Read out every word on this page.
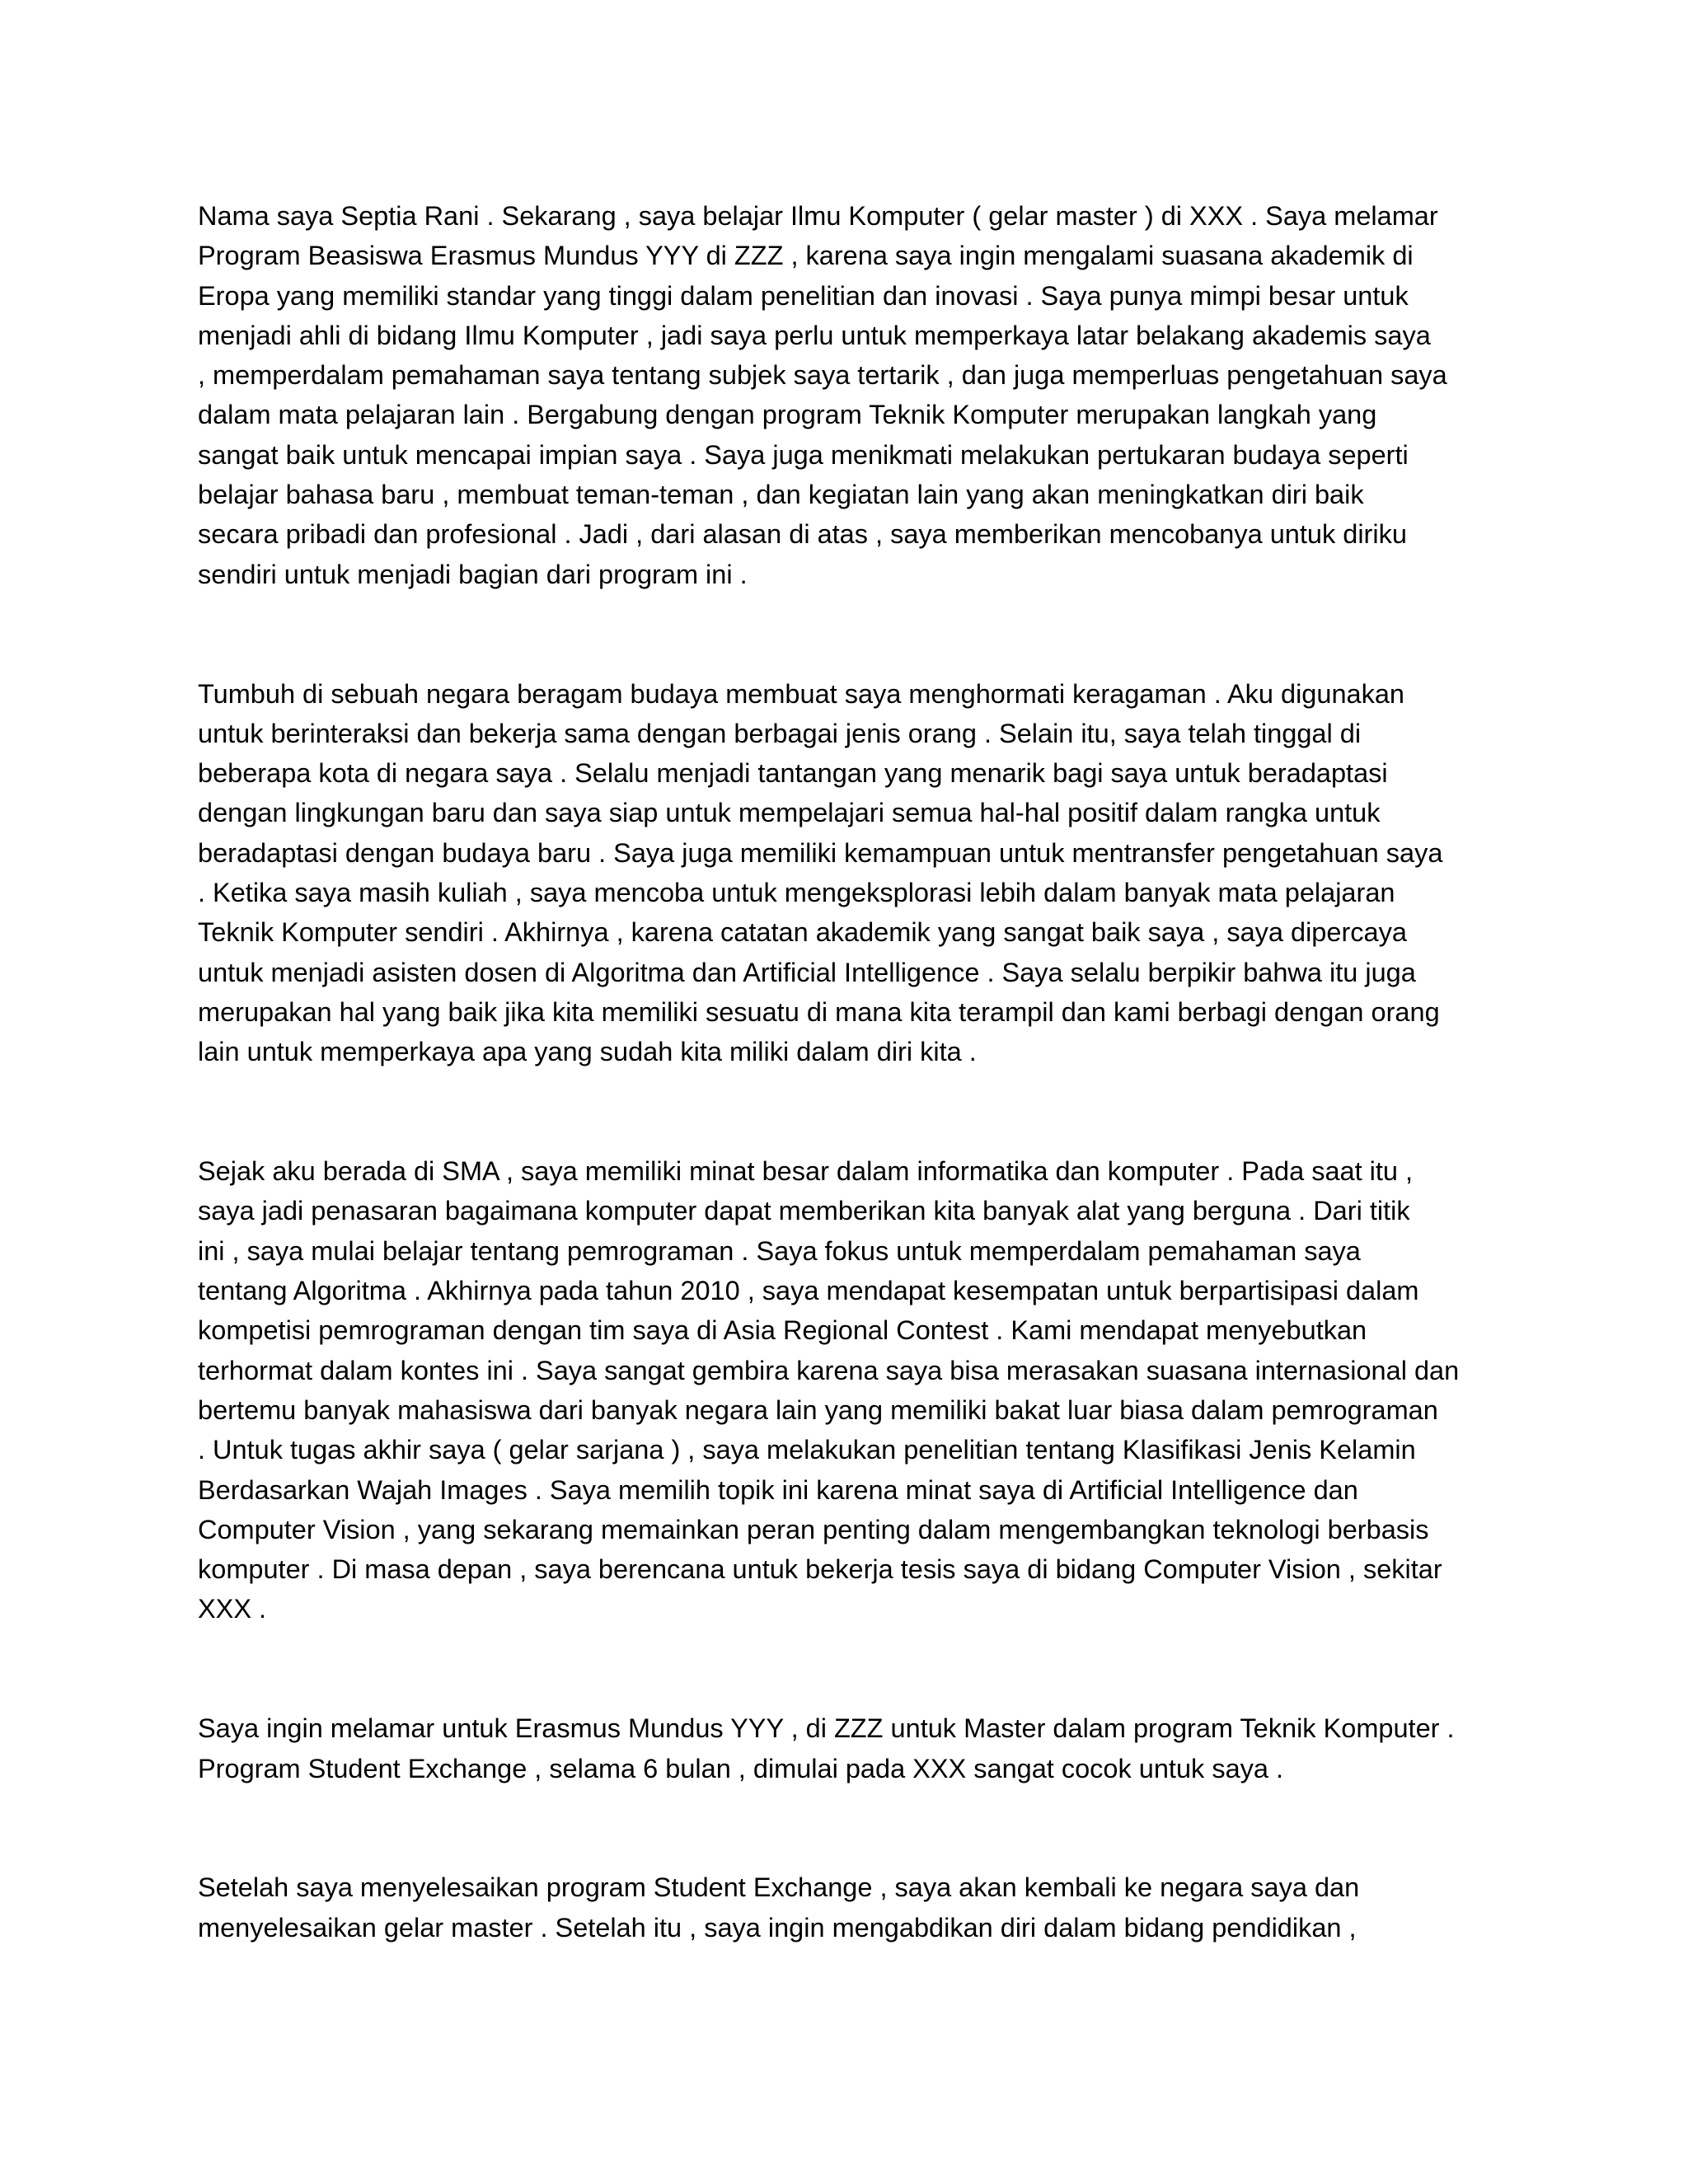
Nama saya Septia Rani . Sekarang , saya belajar Ilmu Komputer ( gelar master ) di XXX . Saya melamar
Program Beasiswa Erasmus Mundus YYY di ZZZ , karena saya ingin mengalami suasana akademik di
Eropa yang memiliki standar yang tinggi dalam penelitian dan inovasi . Saya punya mimpi besar untuk
menjadi ahli di bidang Ilmu Komputer , jadi saya perlu untuk memperkaya latar belakang akademis saya
, memperdalam pemahaman saya tentang subjek saya tertarik , dan juga memperluas pengetahuan saya
dalam mata pelajaran lain . Bergabung dengan program Teknik Komputer merupakan langkah yang
sangat baik untuk mencapai impian saya . Saya juga menikmati melakukan pertukaran budaya seperti
belajar bahasa baru , membuat teman-teman , dan kegiatan lain yang akan meningkatkan diri baik
secara pribadi dan profesional . Jadi , dari alasan di atas , saya memberikan mencobanya untuk diriku
sendiri untuk menjadi bagian dari program ini .

Tumbuh di sebuah negara beragam budaya membuat saya menghormati keragaman . Aku digunakan
untuk berinteraksi dan bekerja sama dengan berbagai jenis orang . Selain itu, saya telah tinggal di
beberapa kota di negara saya . Selalu menjadi tantangan yang menarik bagi saya untuk beradaptasi
dengan lingkungan baru dan saya siap untuk mempelajari semua hal-hal positif dalam rangka untuk
beradaptasi dengan budaya baru . Saya juga memiliki kemampuan untuk mentransfer pengetahuan saya
. Ketika saya masih kuliah , saya mencoba untuk mengeksplorasi lebih dalam banyak mata pelajaran
Teknik Komputer sendiri . Akhirnya , karena catatan akademik yang sangat baik saya , saya dipercaya
untuk menjadi asisten dosen di Algoritma dan Artificial Intelligence . Saya selalu berpikir bahwa itu juga
merupakan hal yang baik jika kita memiliki sesuatu di mana kita terampil dan kami berbagi dengan orang
lain untuk memperkaya apa yang sudah kita miliki dalam diri kita .

Sejak aku berada di SMA , saya memiliki minat besar dalam informatika dan komputer . Pada saat itu ,
saya jadi penasaran bagaimana komputer dapat memberikan kita banyak alat yang berguna . Dari titik
ini , saya mulai belajar tentang pemrograman . Saya fokus untuk memperdalam pemahaman saya
tentang Algoritma . Akhirnya pada tahun 2010 , saya mendapat kesempatan untuk berpartisipasi dalam
kompetisi pemrograman dengan tim saya di Asia Regional Contest . Kami mendapat menyebutkan
terhormat dalam kontes ini . Saya sangat gembira karena saya bisa merasakan suasana internasional dan
bertemu banyak mahasiswa dari banyak negara lain yang memiliki bakat luar biasa dalam pemrograman
. Untuk tugas akhir saya ( gelar sarjana ) , saya melakukan penelitian tentang Klasifikasi Jenis Kelamin
Berdasarkan Wajah Images . Saya memilih topik ini karena minat saya di Artificial Intelligence dan
Computer Vision , yang sekarang memainkan peran penting dalam mengembangkan teknologi berbasis
komputer . Di masa depan , saya berencana untuk bekerja tesis saya di bidang Computer Vision , sekitar
XXX .

Saya ingin melamar untuk Erasmus Mundus YYY , di ZZZ untuk Master dalam program Teknik Komputer .
Program Student Exchange , selama 6 bulan , dimulai pada XXX sangat cocok untuk saya .

Setelah saya menyelesaikan program Student Exchange , saya akan kembali ke negara saya dan
menyelesaikan gelar master . Setelah itu , saya ingin mengabdikan diri dalam bidang pendidikan ,
